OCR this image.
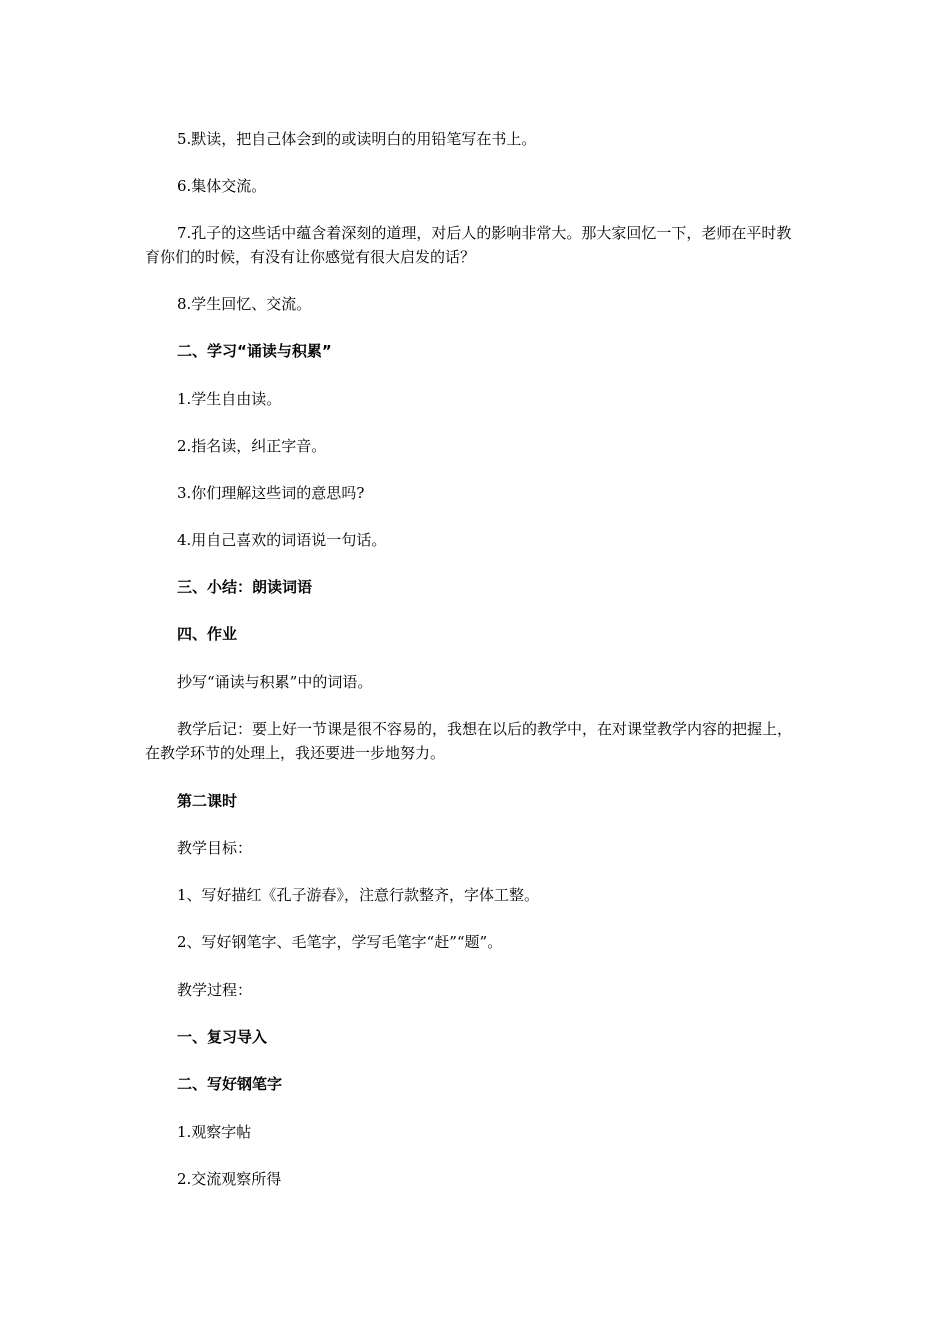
5.默读，把自己体会到的或读明白的用铅笔写在书上。

6.集体交流。

7.孔子的这些话中蕴含着深刻的道理，对后人的影响非常大。那大家回忆一下，老师在平时教育你们的时候，有没有让你感觉有很大启发的话？

8.学生回忆、交流。

二、学习“诵读与积累”

1.学生自由读。

2.指名读，纠正字音。

3.你们理解这些词的意思吗?

4.用自己喜欢的词语说一句话。

三、小结：朗读词语

四、作业

抄写“诵读与积累”中的词语。

教学后记：要上好一节课是很不容易的，我想在以后的教学中，在对课堂教学内容的把握上，在教学环节的处理上，我还要进一步地努力。

第二课时

教学目标：

1、写好描红《孔子游春》，注意行款整齐，字体工整。

2、写好钢笔字、毛笔字，学写毛笔字“赶”“题”。

教学过程：

一、复习导入

二、写好钢笔字

1.观察字帖

2.交流观察所得
